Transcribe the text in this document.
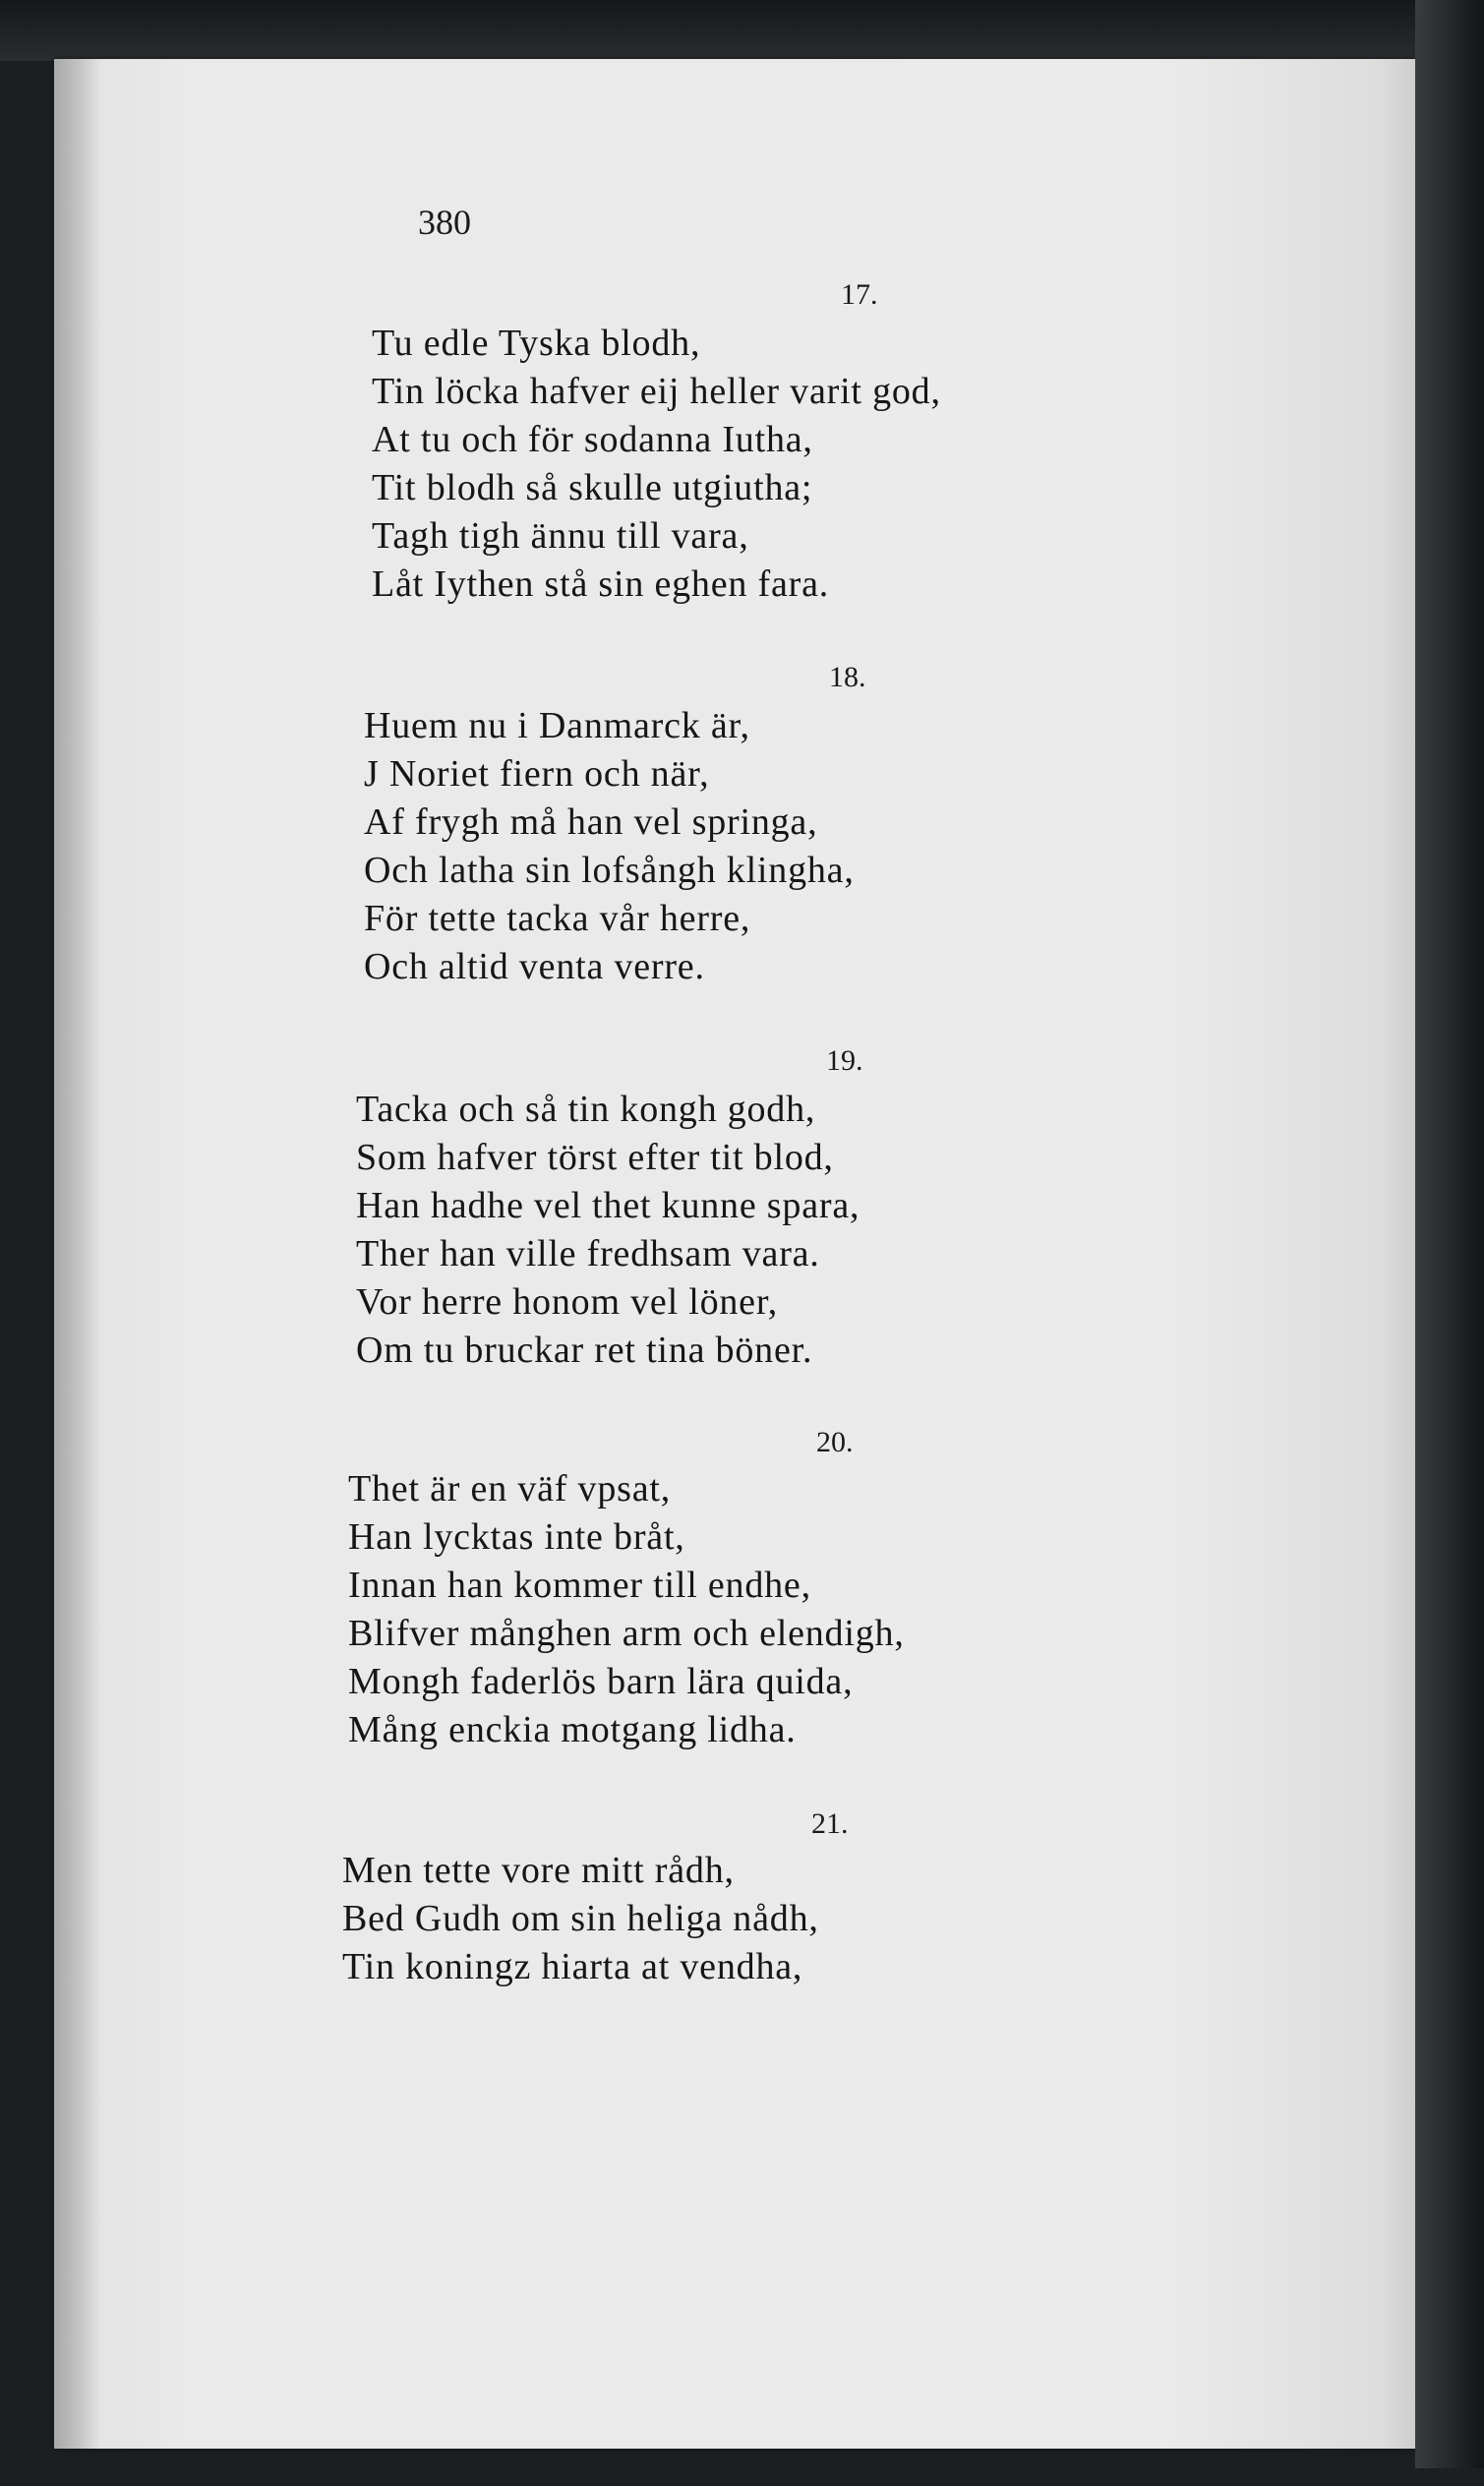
380
17.
Tu edle Tyska blodh,
Tin löcka hafver eij heller varit god,
At tu och för sodanna Iutha,
Tit blodh så skulle utgiutha;
Tagh tigh ännu till vara,
Låt Iythen stå sin eghen fara.
18.
Huem nu i Danmarck är,
J Noriet fiern och när,
Af frygh må han vel springa,
Och latha sin lofsångh klingha,
För tette tacka vår herre,
Och altid venta verre.
19.
Tacka och så tin kongh godh,
Som hafver törst efter tit blod,
Han hadhe vel thet kunne spara,
Ther han ville fredhsam vara.
Vor herre honom vel löner,
Om tu bruckar ret tina böner.
20.
Thet är en väf vpsat,
Han lycktas inte bråt,
Innan han kommer till endhe,
Blifver månghen arm och elendigh,
Mongh faderlös barn lära quida,
Mång enckia motgang lidha.
21.
Men tette vore mitt rådh,
Bed Gudh om sin heliga nådh,
Tin koningz hiarta at vendha,
